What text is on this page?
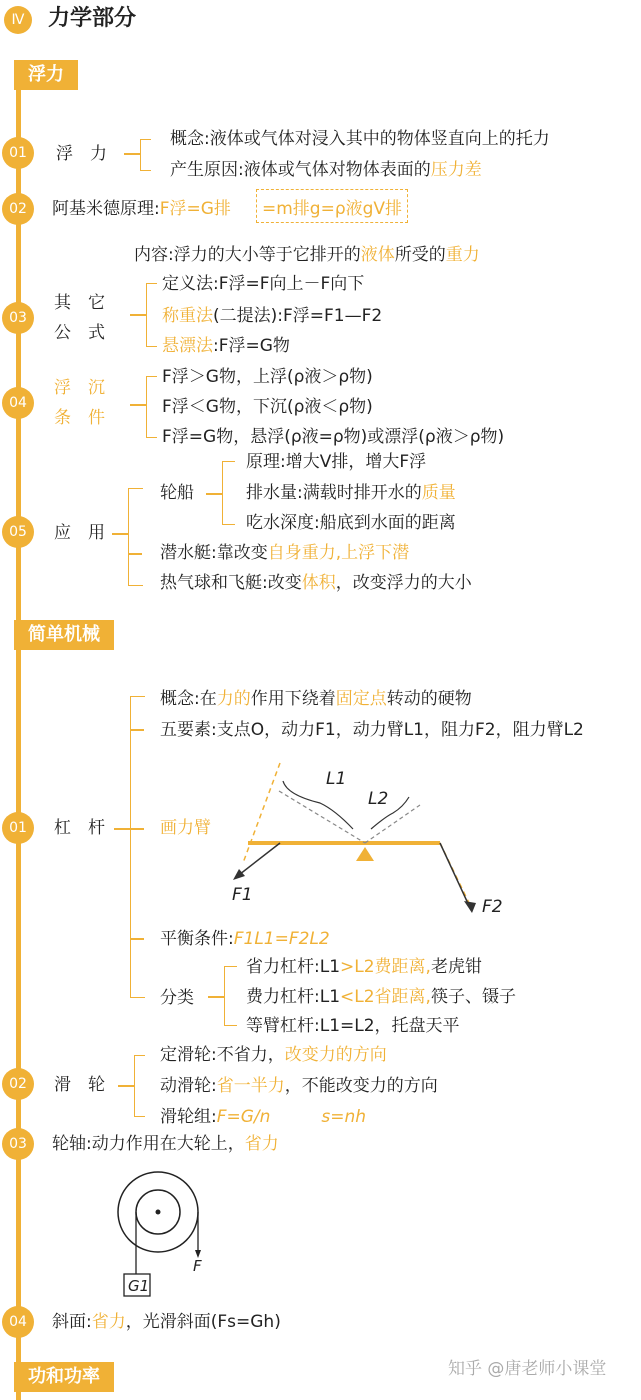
Ⅳ	力学部分
浮力
简单机械
功和功率
01
02
03
04
05
浮　力
概念:液体或气体对浸入其中的物体竖直向上的托力
产生原因:液体或气体对物体表面的压力差
阿基米德原理:F浮=G排 =m排g=ρ液gV排
内容:浮力的大小等于它排开的液体所受的重力
其　它
公　式
定义法:F浮=F向上－F向下
称重法(二提法):F浮=F1—F2
悬漂法:F浮=G物
浮　沉
条　件
F浮＞G物，上浮(ρ液＞ρ物)
F浮＜G物，下沉(ρ液＜ρ物)
F浮=G物，悬浮(ρ液=ρ物)或漂浮(ρ液＞ρ物)
应　用
轮船
原理:增大V排，增大F浮
排水量:满载时排开水的质量
吃水深度:船底到水面的距离
潜水艇:靠改变自身重力,上浮下潜
热气球和飞艇:改变体积，改变浮力的大小
01
02
03
04
杠　杆
概念:在力的作用下绕着固定点转动的硬物
五要素:支点O，动力F1，动力臂L1，阻力F2，阻力臂L2
画力臂
L1
L2
F1
F2
平衡条件:F1L1=F2L2
分类
省力杠杆:L1>L2费距离,老虎钳
费力杠杆:L1<L2省距离,筷子、镊子
等臂杠杆:L1=L2，托盘天平
滑　轮
定滑轮:不省力，改变力的方向
动滑轮:省一半力，不能改变力的方向
滑轮组:F=G/n　　　s=nh
轮轴:动力作用在大轮上，省力
G1
F
斜面:省力，光滑斜面(Fs=Gh)
知乎 @唐老师小课堂
